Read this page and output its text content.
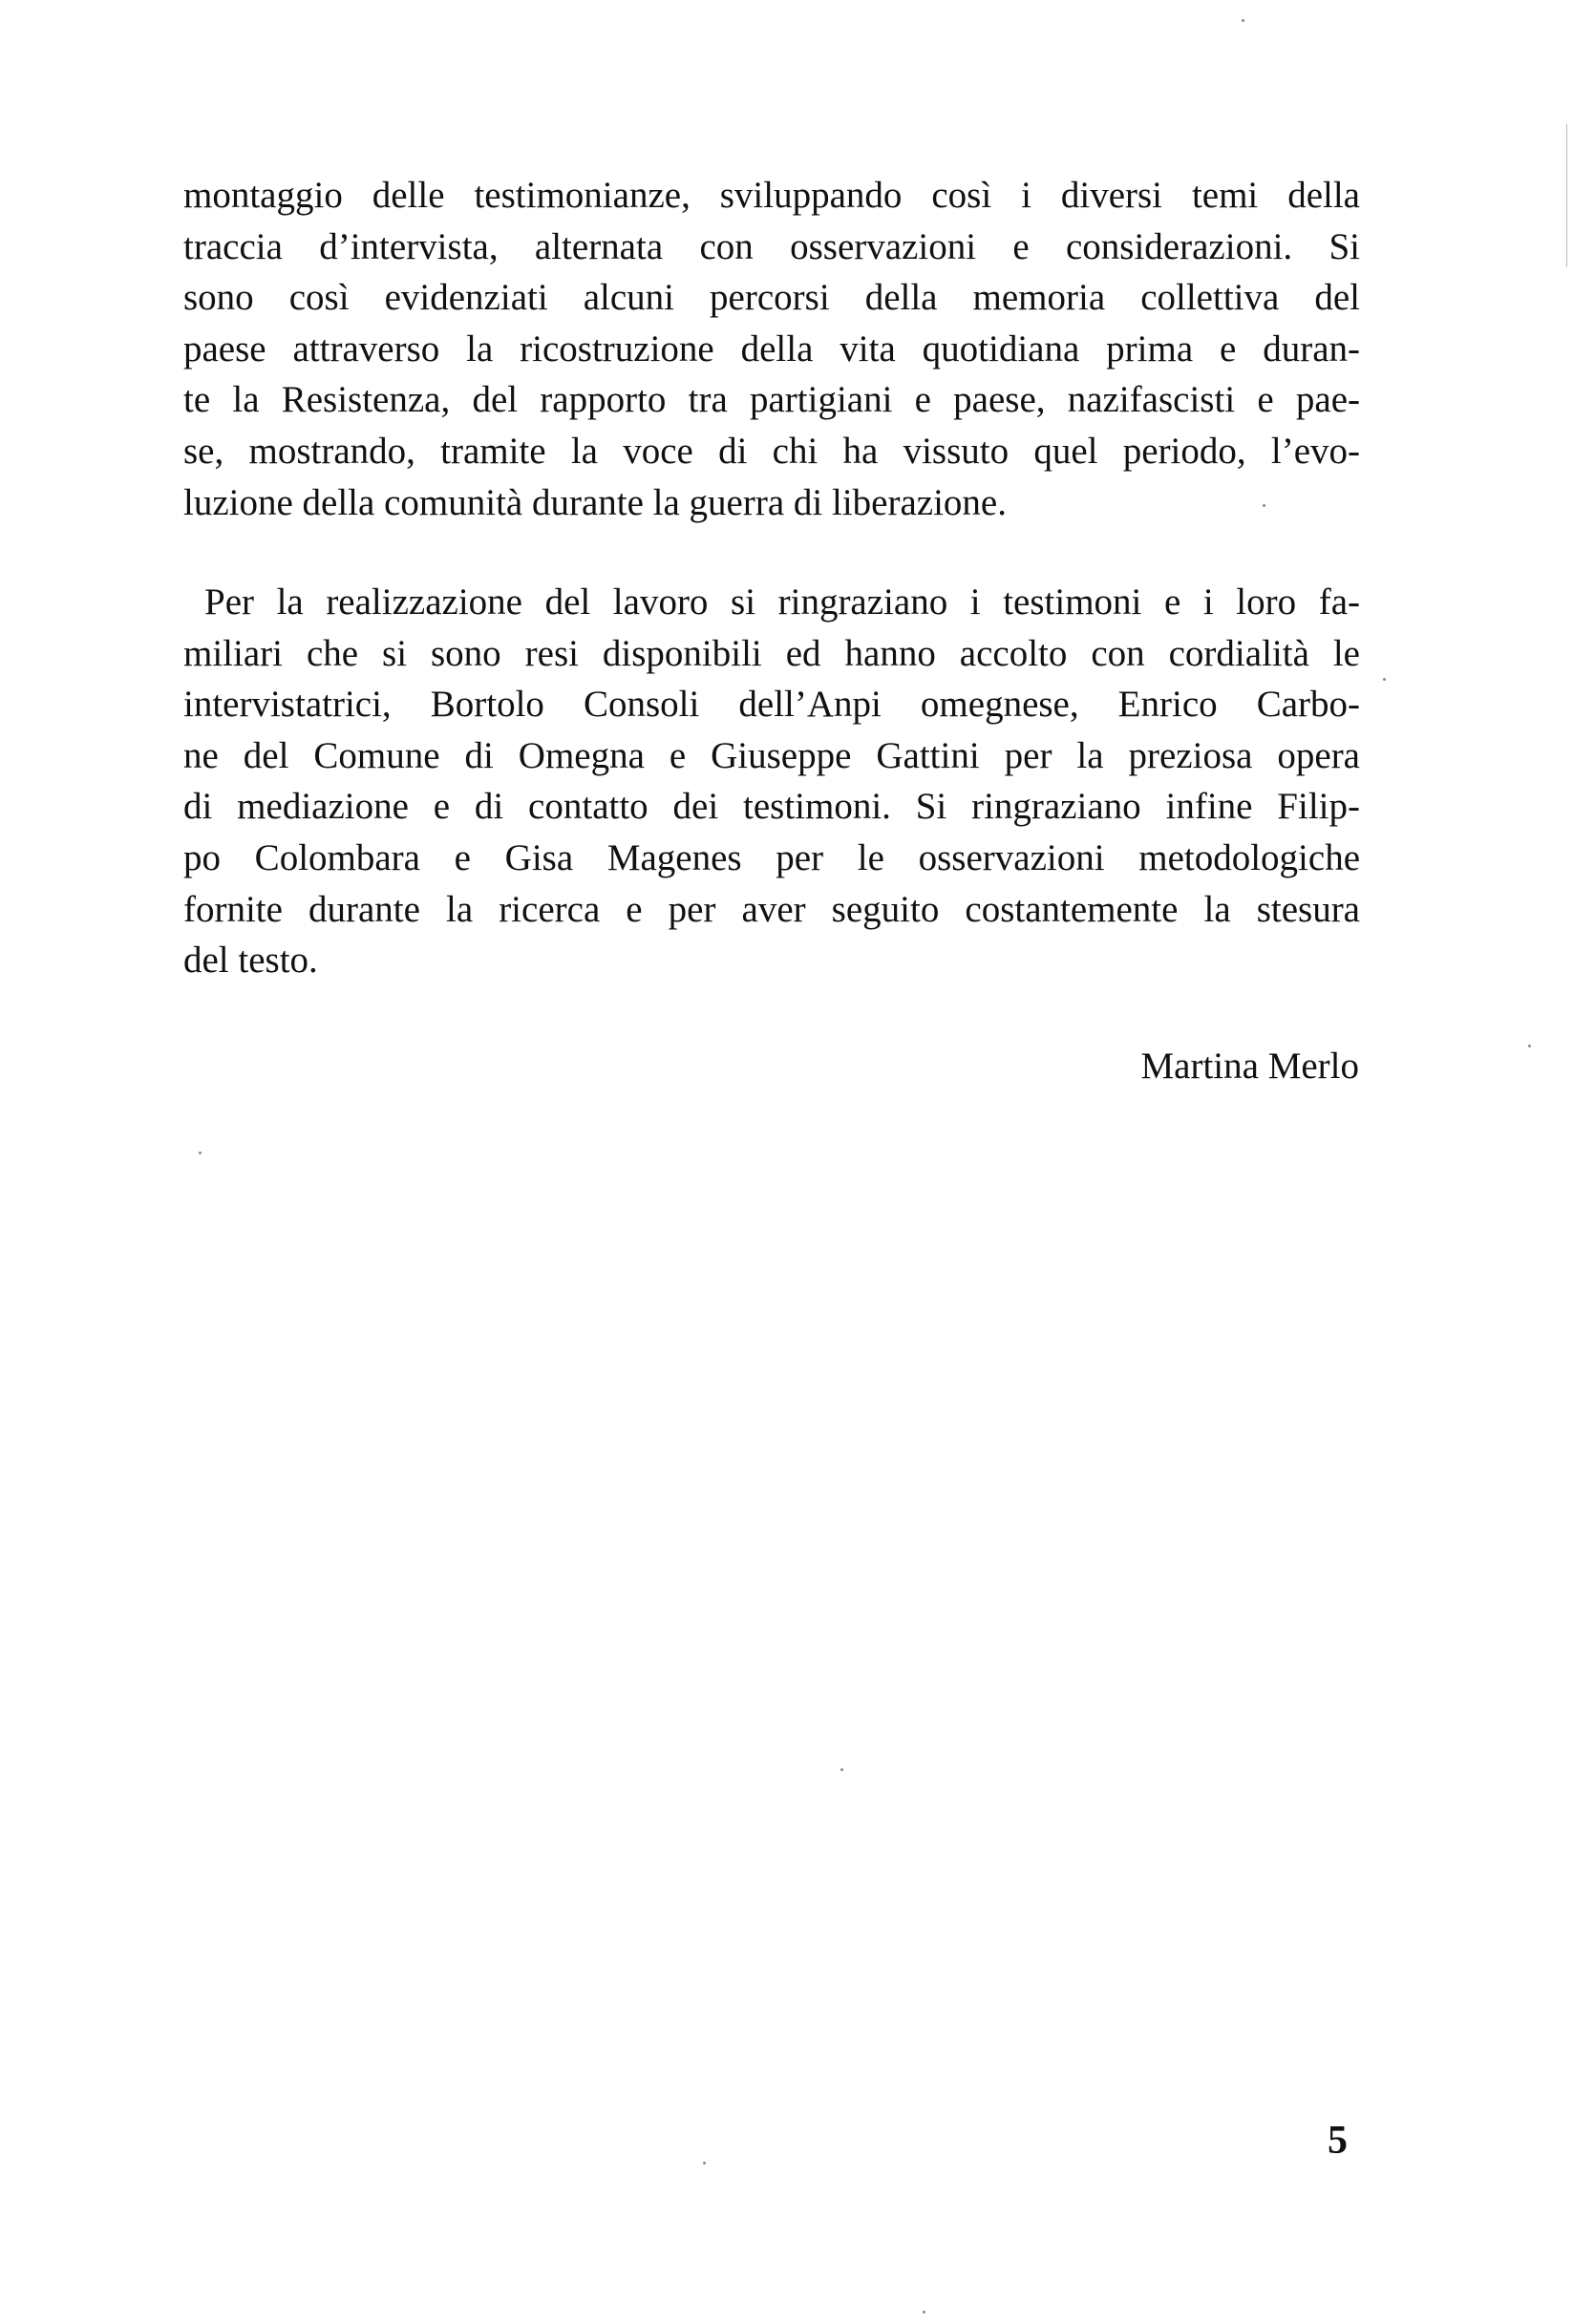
montaggio delle testimonianze, sviluppando così i diversi temi della
traccia d’intervista, alternata con osservazioni e considerazioni. Si
sono così evidenziati alcuni percorsi della memoria collettiva del
paese attraverso la ricostruzione della vita quotidiana prima e duran-
te la Resistenza, del rapporto tra partigiani e paese, nazifascisti e pae-
se, mostrando, tramite la voce di chi ha vissuto quel periodo, l’evo-
luzione della comunità durante la guerra di liberazione.
Per la realizzazione del lavoro si ringraziano i testimoni e i loro fa-
miliari che si sono resi disponibili ed hanno accolto con cordialità le
intervistatrici, Bortolo Consoli dell’Anpi omegnese, Enrico Carbo-
ne del Comune di Omegna e Giuseppe Gattini per la preziosa opera
di mediazione e di contatto dei testimoni. Si ringraziano infine Filip-
po Colombara e Gisa Magenes per le osservazioni metodologiche
fornite durante la ricerca e per aver seguito costantemente la stesura
del testo.
Martina Merlo
5
